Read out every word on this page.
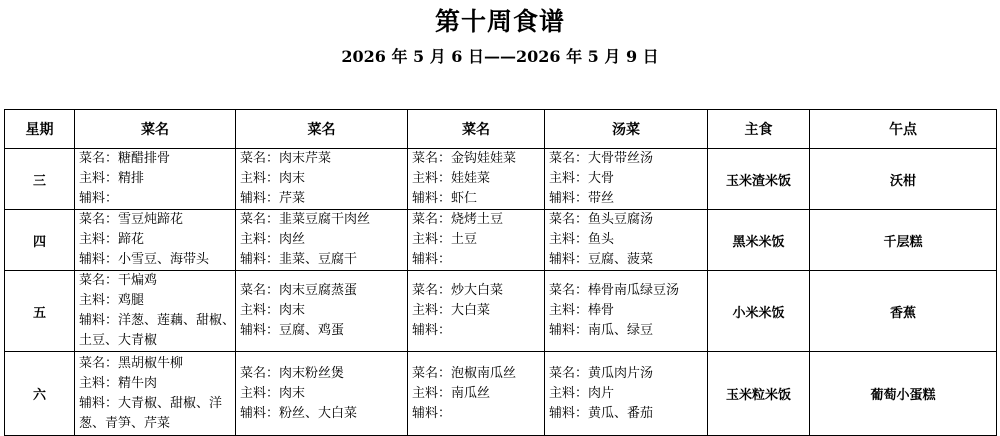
第十周食谱
2026 年 5 月 6 日——2026 年 5 月 9 日
星期	菜名	菜名	菜名	汤菜	主食	午点
三	菜名：糖醋排骨
主料：精排
辅料：	菜名：肉末芹菜
主料：肉末
辅料：芹菜	菜名：金钩娃娃菜
主料：娃娃菜
辅料：虾仁	菜名：大骨带丝汤
主料：大骨
辅料：带丝	玉米渣米饭	沃柑
四	菜名：雪豆炖蹄花
主料：蹄花
辅料：小雪豆、海带头	菜名：韭菜豆腐干肉丝
主料：肉丝
辅料：韭菜、豆腐干	菜名：烧烤土豆
主料：土豆
辅料：	菜名：鱼头豆腐汤
主料：鱼头
辅料：豆腐、菠菜	黑米米饭	千层糕
五	菜名：干煸鸡
主料：鸡腿
辅料：洋葱、莲藕、甜椒、土豆、大青椒	菜名：肉末豆腐蒸蛋
主料：肉末
辅料：豆腐、鸡蛋	菜名：炒大白菜
主料：大白菜
辅料：	菜名：棒骨南瓜绿豆汤
主料：棒骨
辅料：南瓜、绿豆	小米米饭	香蕉
六	菜名：黑胡椒牛柳
主料：精牛肉
辅料：大青椒、甜椒、洋葱、青笋、芹菜	菜名：肉末粉丝煲
主料：肉末
辅料：粉丝、大白菜	菜名：泡椒南瓜丝
主料：南瓜丝
辅料：	菜名：黄瓜肉片汤
主料：肉片
辅料：黄瓜、番茄	玉米粒米饭	葡萄小蛋糕
